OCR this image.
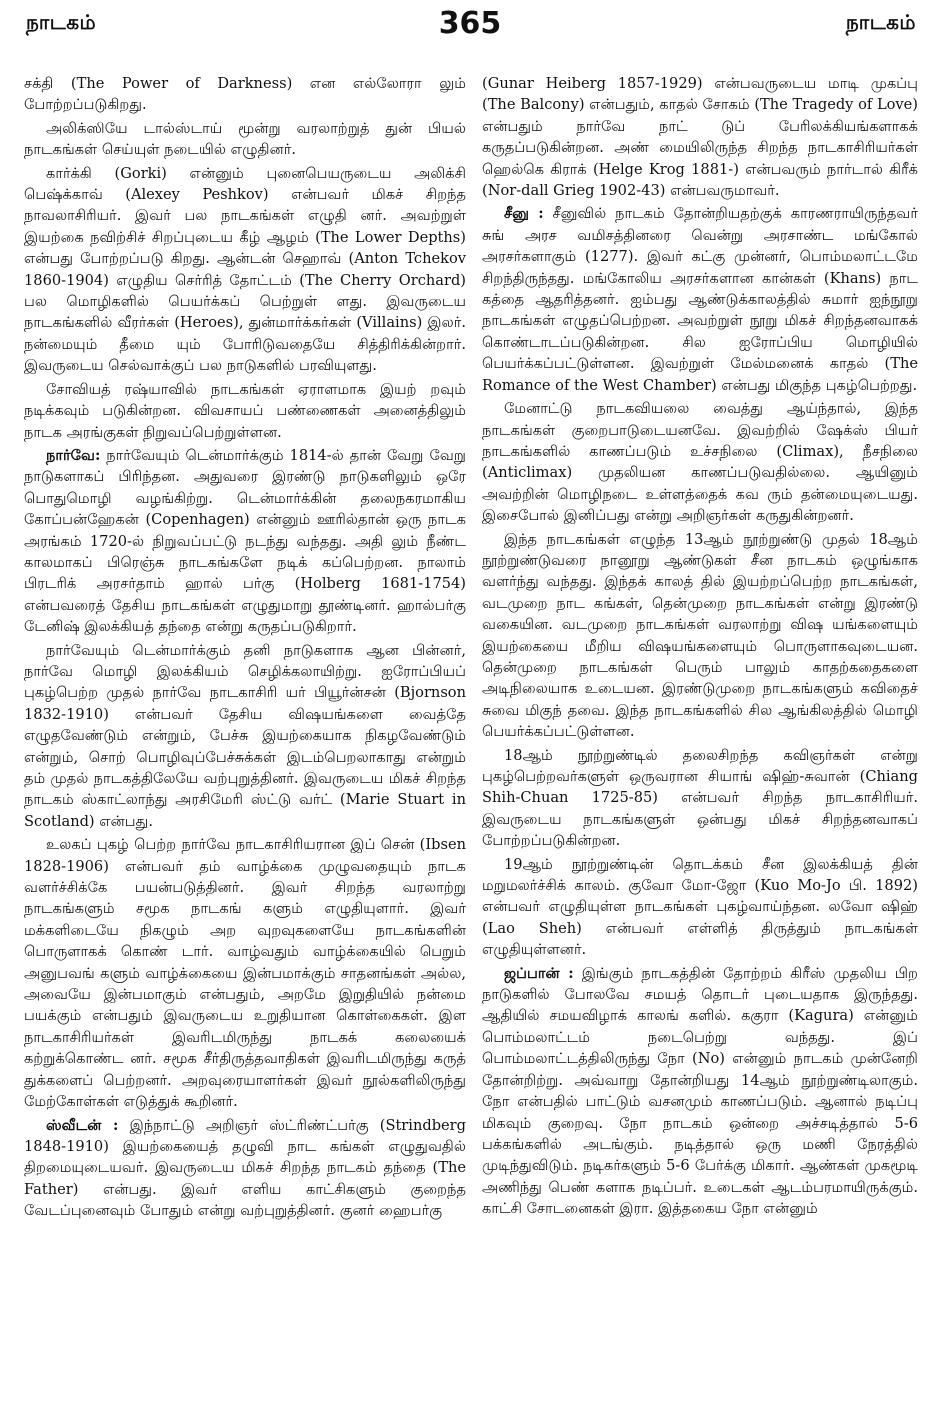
நாடகம்	365	நாடகம்

சக்தி (The Power of Darkness) என எல்லோரா லும் போற்றப்படுகிறது.

அலிக்ஸியே டால்ஸ்டாய் மூன்று வரலாற்றுத் துன் பியல் நாடகங்கள் செய்யுள் நடையில் எழுதினர்.

கார்க்கி (Gorki) என்னும் புனைபெயருடைய அலிக்சி பெஷ்க்காவ் (Alexey Peshkov) என்பவர் மிகச் சிறந்த நாவலாசிரியர். இவர் பல நாடகங்கள் எழுதி னர். அவற்றுள் இயற்கை நவிற்சிச் சிறப்புடைய கீழ் ஆழம் (The Lower Depths) என்பது போற்றப்படு கிறது. ஆன்டன் செஹாவ் (Anton Tchekov 1860-1904) எழுதிய செர்ரித் தோட்டம் (The Cherry Orchard) பல மொழிகளில் பெயர்க்கப் பெற்றுள் ளது. இவருடைய நாடகங்களில் வீரர்கள் (Heroes), துன்மார்க்கர்கள் (Villains) இலர். நன்மையும் தீமை யும் போரிடுவதையே சித்திரிக்கின்றார். இவருடைய செல்வாக்குப் பல நாடுகளில் பரவியுளது.

சோவியத் ரஷ்யாவில் நாடகங்கள் ஏராளமாக இயற் றவும் நடிக்கவும் படுகின்றன. விவசாயப் பண்ணைகள் அனைத்திலும் நாடக அரங்குகள் நிறுவப்பெற்றுள்ளன.

நார்வே: நார்வேயும் டென்மார்க்கும் 1814-ல் தான் வேறு வேறு நாடுகளாகப் பிரிந்தன. அதுவரை இரண்டு நாடுகளிலும் ஒரே பொதுமொழி வழங்கிற்று. டென்மார்க்கின் தலைநகரமாகிய கோப்பன்ஹேகன் (Copenhagen) என்னும் ஊரில்தான் ஒரு நாடக அரங்கம் 1720-ல் நிறுவப்பட்டு நடந்து வந்தது. அதி லும் நீண்ட காலமாகப் பிரெஞ்சு நாடகங்களே நடிக் கப்பெற்றன. நாலாம் பிரடரிக் அரசர்தாம் ஹால் பர்கு (Holberg 1681-1754) என்பவரைத் தேசிய நாடகங்கள் எழுதுமாறு தூண்டினர். ஹால்பர்கு டேனிஷ் இலக்கியத் தந்தை என்று கருதப்படுகிறார்.

நார்வேயும் டென்மார்க்கும் தனி நாடுகளாக ஆன பின்னர், நார்வே மொழி இலக்கியம் செழிக்கலாயிற்று. ஐரோப்பியப் புகழ்பெற்ற முதல் நார்வே நாடகாசிரி யர் பியூர்ன்சன் (Bjornson 1832-1910) என்பவர் தேசிய விஷயங்களை வைத்தே எழுதவேண்டும் என்றும், பேச்சு இயற்கையாக நிகழவேண்டும் என்றும், சொற் பொழிவுப்பேச்சுக்கள் இடம்பெறலாகாது என்றும் தம் முதல் நாடகத்திலேயே வற்புறுத்தினர். இவருடைய மிகச் சிறந்த நாடகம் ஸ்காட்லாந்து அரசிமேரி ஸ்ட்டு வர்ட் (Marie Stuart in Scotland) என்பது.

உலகப் புகழ் பெற்ற நார்வே நாடகாசிரியரான இப் சென் (Ibsen 1828-1906) என்பவர் தம் வாழ்க்கை முழுவதையும் நாடக வளர்ச்சிக்கே பயன்படுத்தினர். இவர் சிறந்த வரலாற்று நாடகங்களும் சமூக நாடகங் களும் எழுதியுளார். இவர் மக்களிடையே நிகழும் அற வுறவுகளையே நாடகங்களின் பொருளாகக் கொண் டார். வாழ்வதும் வாழ்க்கையில் பெறும் அனுபவங் களும் வாழ்க்கையை இன்பமாக்கும் சாதனங்கள் அல்ல, அவையே இன்பமாகும் என்பதும், அறமே இறுதியில் நன்மை பயக்கும் என்பதும் இவருடைய உறுதியான கொள்கைகள். இள நாடகாசிரியர்கள் இவரிடமிருந்து நாடகக் கலையைக் கற்றுக்கொண்ட னர். சமூக சீர்திருத்தவாதிகள் இவரிடமிருந்து கருத் துக்களைப் பெற்றனர். அறவுரையாளர்கள் இவர் நூல்களிலிருந்து மேற்கோள்கள் எடுத்துக் கூறினர்.

ஸ்வீடன் : இந்நாட்டு அறிஞர் ஸ்ட்ரிண்ட்பர்கு (Strindberg 1848-1910) இயற்கையைத் தழுவி நாட கங்கள் எழுதுவதில் திறமையுடையவர். இவருடைய மிகச் சிறந்த நாடகம் தந்தை (The Father) என்பது. இவர் எளிய காட்சிகளும் குறைந்த வேடப்புனைவும் போதும் என்று வற்புறுத்தினர். குனர் ஹைபர்கு

(Gunar Heiberg 1857-1929) என்பவருடைய மாடி முகப்பு (The Balcony) என்பதும், காதல் சோகம் (The Tragedy of Love) என்பதும் நார்வே நாட் டுப் பேரிலக்கியங்களாகக் கருதப்படுகின்றன. அண் மையிலிருந்த சிறந்த நாடகாசிரியர்கள் ஹெல்கெ கிராக் (Helge Krog 1881-) என்பவரும் நார்டால் கிரீக் (Nor-dall Grieg 1902-43) என்பவருமாவர்.

சீனு : சீனுவில் நாடகம் தோன்றியதற்குக் காரணராயிருந்தவர் சுங் அரச வமிசத்தினரை வென்று அரசாண்ட மங்கோல் அரசர்களாகும் (1277). இவர் கட்கு முன்னர், பொம்மலாட்டமே சிறந்திருந்தது. மங்கோலிய அரசர்களான கான்கள் (Khans) நாட கத்தை ஆதரித்தனர். ஐம்பது ஆண்டுக்காலத்தில் சுமார் ஐந்நூறு நாடகங்கள் எழுதப்பெற்றன. அவற்றுள் நூறு மிகச் சிறந்தனவாகக் கொண்டாடப்படுகின்றன. சில ஐரோப்பிய மொழியில் பெயர்க்கப்பட்டுள்ளன. இவற்றுள் மேல்மனைக் காதல் (The Romance of the West Chamber) என்பது மிகுந்த புகழ்பெற்றது.

மேனாட்டு நாடகவியலை வைத்து ஆய்ந்தால், இந்த நாடகங்கள் குறைபாடுடையனவே. இவற்றில் ஷேக்ஸ் பியர் நாடகங்களில் காணப்படும் உச்சநிலை (Climax), நீசநிலை (Anticlimax) முதலியன காணப்படுவதில்லை. ஆயினும் அவற்றின் மொழிநடை உள்ளத்தைக் கவ ரும் தன்மையுடையது. இசைபோல் இனிப்பது என்று அறிஞர்கள் கருதுகின்றனர்.

இந்த நாடகங்கள் எழுந்த 13ஆம் நூற்றுண்டு முதல் 18ஆம் நூற்றுண்டுவரை நானூறு ஆண்டுகள் சீன நாடகம் ஒழுங்காக வளர்ந்து வந்தது. இந்தக் காலத் தில் இயற்றப்பெற்ற நாடகங்கள், வடமுறை நாட கங்கள், தென்முறை நாடகங்கள் என்று இரண்டு வகையின. வடமுறை நாடகங்கள் வரலாற்று விஷ யங்களையும் இயற்கையை மீறிய விஷயங்களையும் பொருளாகவுடையன. தென்முறை நாடகங்கள் பெரும் பாலும் காதற்கதைகளை அடிநிலையாக உடையன. இரண்டுமுறை நாடகங்களும் கவிதைச் சுவை மிகுந் தவை. இந்த நாடகங்களில் சில ஆங்கிலத்தில் மொழி பெயர்க்கப்பட்டுள்ளன.

18ஆம் நூற்றுண்டில் தலைசிறந்த கவிஞர்கள் என்று புகழ்பெற்றவர்களுள் ஒருவரான சியாங் ஷிஹ்-சுவான் (Chiang Shih-Chuan 1725-85) என்பவர் சிறந்த நாடகாசிரியர். இவருடைய நாடகங்களுள் ஒன்பது மிகச் சிறந்தனவாகப் போற்றப்படுகின்றன.

19ஆம் நூற்றுண்டின் தொடக்கம் சீன இலக்கியத் தின் மறுமலர்ச்சிக் காலம். குவோ மோ-ஜோ (Kuo Mo-Jo பி. 1892) என்பவர் எழுதியுள்ள நாடகங்கள் புகழ்வாய்ந்தன. லவோ ஷிஹ் (Lao Sheh) என்பவர் எள்ளித் திருத்தும் நாடகங்கள் எழுதியுள்ளனர்.

ஜப்பான் : இங்கும் நாடகத்தின் தோற்றம் கிரீஸ் முதலிய பிற நாடுகளில் போலவே சமயத் தொடர் புடையதாக இருந்தது. ஆதியில் சமயவிழாக் காலங் களில். ககுரா (Kagura) என்னும் பொம்மலாட்டம் நடைபெற்று வந்தது. இப் பொம்மலாட்டத்திலிருந்து நோ (No) என்னும் நாடகம் முன்னேறி தோன்றிற்று. அவ்வாறு தோன்றியது 14ஆம் நூற்றுண்டிலாகும். நோ என்பதில் பாட்டும் வசனமும் காணப்படும். ஆனால் நடிப்பு மிகவும் குறைவு. நோ நாடகம் ஒன்றை அச்சடித்தால் 5-6 பக்கங்களில் அடங்கும். நடித்தால் ஒரு மணி நேரத்தில் முடிந்துவிடும். நடிகர்களும் 5-6 பேர்க்கு மிகார். ஆண்கள் முகமூடி அணிந்து பெண் களாக நடிப்பர். உடைகள் ஆடம்பரமாயிருக்கும். காட்சி சோடனைகள் இரா. இத்தகைய நோ என்னும்
